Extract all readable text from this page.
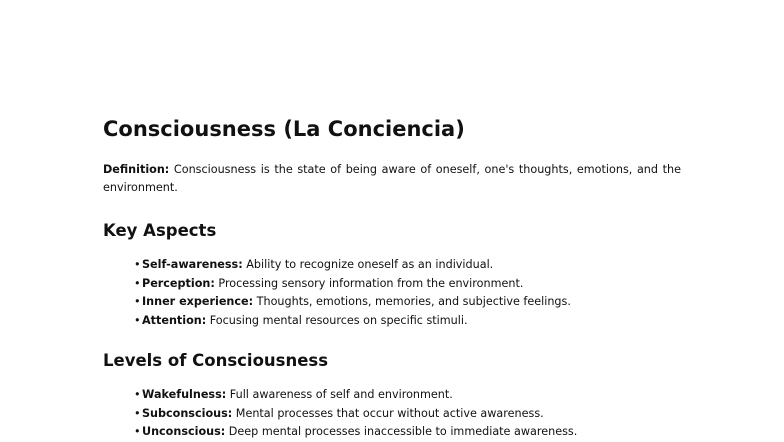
Consciousness (La Conciencia)

Definition: Consciousness is the state of being aware of oneself, one's thoughts, emotions, and the environment.

Key Aspects
•Self-awareness: Ability to recognize oneself as an individual.
•Perception: Processing sensory information from the environment.
•Inner experience: Thoughts, emotions, memories, and subjective feelings.
•Attention: Focusing mental resources on specific stimuli.
Levels of Consciousness
•Wakefulness: Full awareness of self and environment.
•Subconscious: Mental processes that occur without active awareness.
•Unconscious: Deep mental processes inaccessible to immediate awareness.
